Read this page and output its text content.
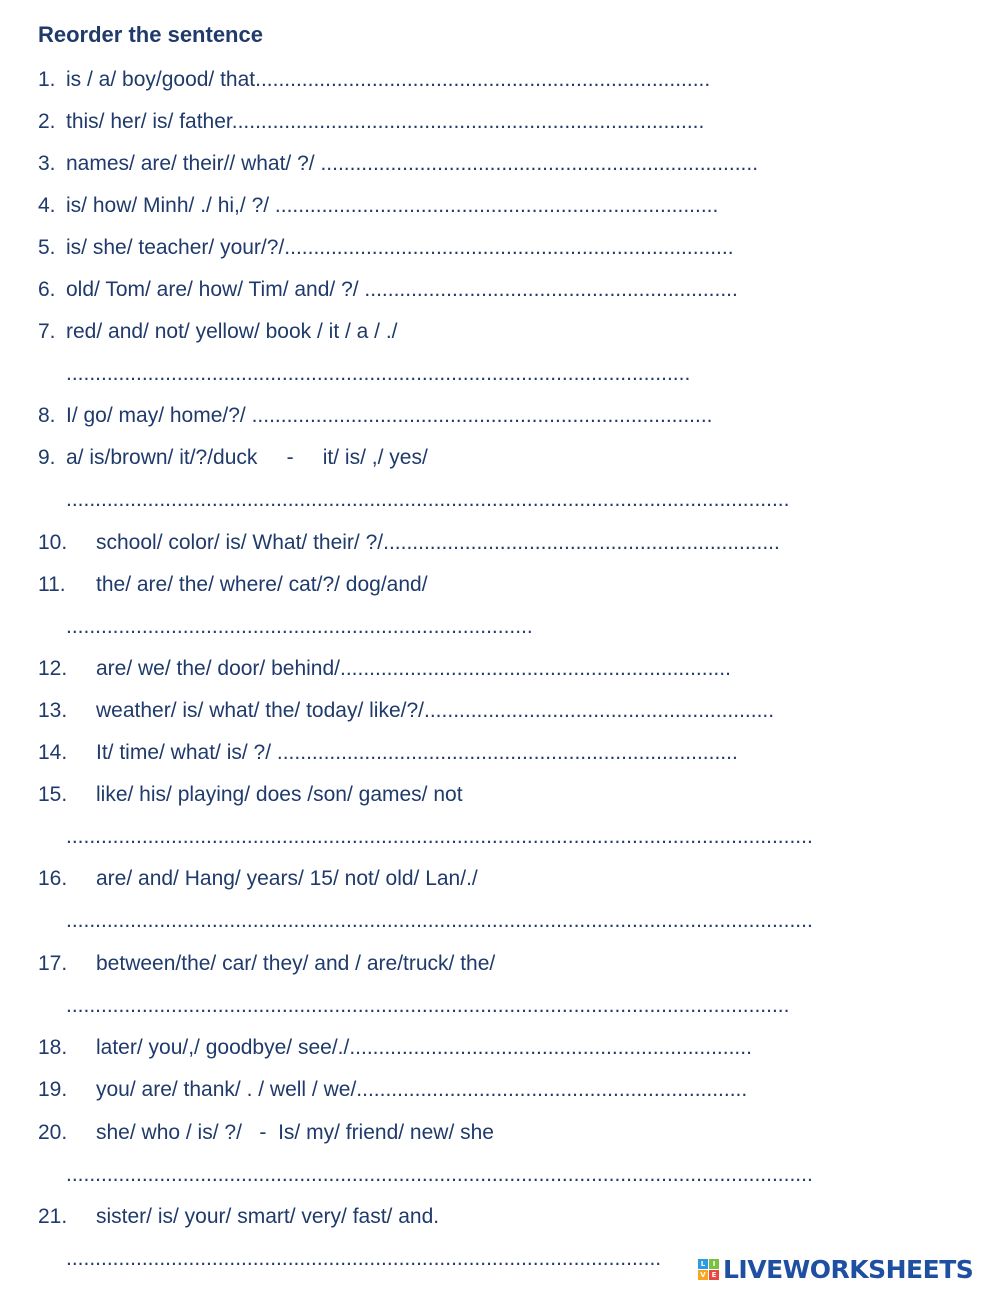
Reorder the sentence
1. is / a/ boy/good/ that..............................................................................
2. this/ her/ is/ father.................................................................................
3. names/ are/ their// what/ ?/ ...........................................................................
4. is/ how/ Minh/ ./ hi,/ ?/ ............................................................................
5. is/ she/ teacher/ your/?/.............................................................................
6. old/ Tom/ are/ how/ Tim/ and/ ?/ ................................................................
7. red/ and/ not/ yellow/ book / it / a / ./
...........................................................................................................
8. I/ go/ may/ home/?/ ...............................................................................
9. a/ is/brown/ it/?/duck     -     it/ is/ ,/ yes/
............................................................................................................................
10. school/ color/ is/ What/ their/ ?/....................................................................
11. the/ are/ the/ where/ cat/?/ dog/and/
................................................................................
12. are/ we/ the/ door/ behind/...................................................................
13. weather/ is/ what/ the/ today/ like/?/............................................................
14. It/ time/ what/ is/ ?/ ...............................................................................
15. like/ his/ playing/ does /son/ games/ not
................................................................................................................................
16. are/ and/ Hang/ years/ 15/ not/ old/ Lan/./
................................................................................................................................
17. between/the/ car/ they/ and / are/truck/ the/
............................................................................................................................
18. later/ you/,/ goodbye/ see/./.....................................................................
19. you/ are/ thank/ . / well / we/...................................................................
20. she/ who / is/ ?/   -  Is/ my/ friend/ new/ she
................................................................................................................................
21. sister/ is/ your/ smart/ very/ fast/ and.
......................................................................................................	L	I
V E LIVEWORKSHEETS
